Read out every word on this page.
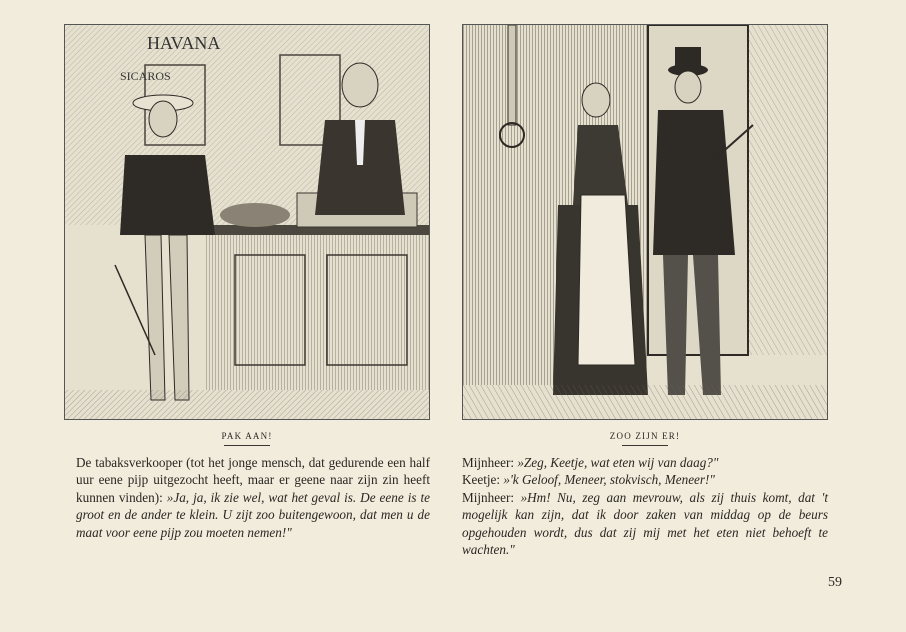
HAVANA
SICAROS
PAK AAN!
De tabaksverkooper (tot het jonge mensch, dat gedurende een half uur eene pijp uitgezocht heeft, maar er geene naar zijn zin heeft kunnen vinden): »Ja, ja, ik zie wel, wat het geval is. De eene is te groot en de ander te klein. U zijt zoo buitengewoon, dat men u de maat voor eene pijp zou moeten nemen!"
ZOO ZIJN ER!
Mijnheer: »Zeg, Keetje, wat eten wij van daag?"
Keetje: »'k Geloof, Meneer, stokvisch, Meneer!"
Mijnheer: »Hm! Nu, zeg aan mevrouw, als zij thuis komt, dat 't mogelijk kan zijn, dat ik door zaken van middag op de beurs opgehouden wordt, dus dat zij mij met het eten niet behoeft te wachten."
59
